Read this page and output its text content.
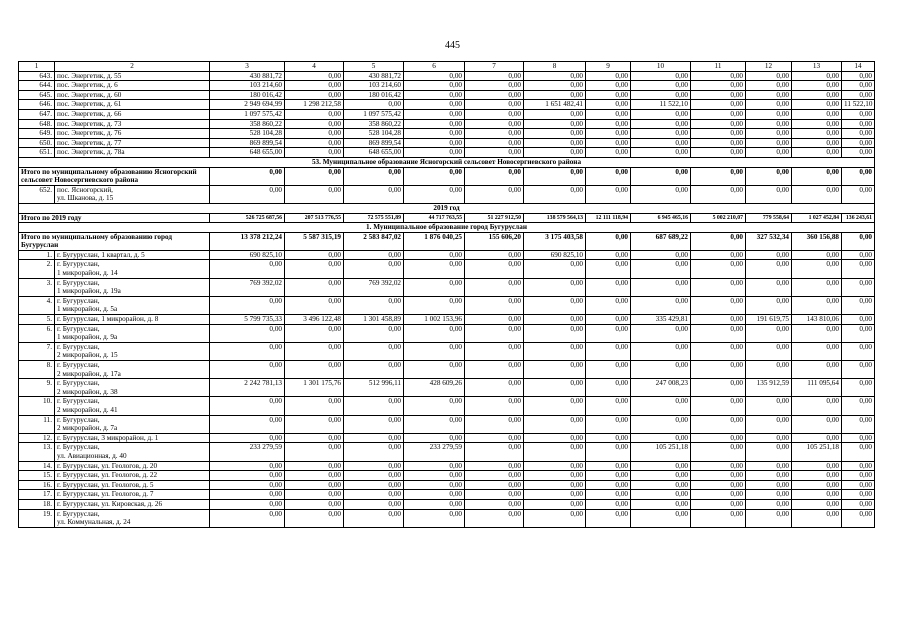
445
1	2	3	4	5	6	7	8	9	10	11	12	13	14
643.	пос. Энергетик, д. 55	430 881,72	0,00	430 881,72	0,00	0,00	0,00	0,00	0,00	0,00	0,00	0,00	0,00
644.	пос. Энергетик, д. 6	103 214,60	0,00	103 214,60	0,00	0,00	0,00	0,00	0,00	0,00	0,00	0,00	0,00
645.	пос. Энергетик, д. 60	180 016,42	0,00	180 016,42	0,00	0,00	0,00	0,00	0,00	0,00	0,00	0,00	0,00
646.	пос. Энергетик, д. 61	2 949 694,99	1 298 212,58	0,00	0,00	0,00	1 651 482,41	0,00	11 522,10	0,00	0,00	0,00	11 522,10
647.	пос. Энергетик, д. 66	1 097 575,42	0,00	1 097 575,42	0,00	0,00	0,00	0,00	0,00	0,00	0,00	0,00	0,00
648.	пос. Энергетик, д. 73	358 860,22	0,00	358 860,22	0,00	0,00	0,00	0,00	0,00	0,00	0,00	0,00	0,00
649.	пос. Энергетик, д. 76	528 104,28	0,00	528 104,28	0,00	0,00	0,00	0,00	0,00	0,00	0,00	0,00	0,00
650.	пос. Энергетик, д. 77	869 899,54	0,00	869 899,54	0,00	0,00	0,00	0,00	0,00	0,00	0,00	0,00	0,00
651.	пос. Энергетик, д. 78а	648 655,00	0,00	648 655,00	0,00	0,00	0,00	0,00	0,00	0,00	0,00	0,00	0,00
53. Муниципальное образование Ясногорский сельсовет Новосергиевского района													
Итого по муниципальному образованию Ясногорский сельсовет Новосергиевского района		0,00	0,00	0,00	0,00	0,00	0,00	0,00	0,00	0,00	0,00	0,00	0,00
652.	пос. Ясногорский,
ул. Шканова, д. 15	0,00	0,00	0,00	0,00	0,00	0,00	0,00	0,00	0,00	0,00	0,00	0,00
2019 год													
Итого по 2019 году		526 725 687,56	207 513 776,55	72 575 551,89	44 717 763,55	51 227 912,50	138 579 564,13	12 111 118,94	6 945 465,16	5 002 210,07	779 558,64	1 027 452,84	136 243,61
1. Муниципальное образование город Бугуруслан													
Итого по муниципальному образованию город Бугуруслан		13 378 212,24	5 587 315,19	2 583 847,02	1 876 040,25	155 606,20	3 175 403,58	0,00	687 689,22	0,00	327 532,34	360 156,88	0,00
1.	г. Бугуруслан, 1 квартал, д. 5	690 825,10	0,00	0,00	0,00	0,00	690 825,10	0,00	0,00	0,00	0,00	0,00	0,00
2.	г. Бугуруслан,
1 микрорайон, д. 14	0,00	0,00	0,00	0,00	0,00	0,00	0,00	0,00	0,00	0,00	0,00	0,00
3.	г. Бугуруслан,
1 микрорайон, д. 19а	769 392,02	0,00	769 392,02	0,00	0,00	0,00	0,00	0,00	0,00	0,00	0,00	0,00
4.	г. Бугуруслан,
1 микрорайон, д. 5а	0,00	0,00	0,00	0,00	0,00	0,00	0,00	0,00	0,00	0,00	0,00	0,00
5.	г. Бугуруслан, 1 микрорайон, д. 8	5 799 735,33	3 496 122,48	1 301 458,89	1 002 153,96	0,00	0,00	0,00	335 429,81	0,00	191 619,75	143 810,06	0,00
6.	г. Бугуруслан,
1 микрорайон, д. 9а	0,00	0,00	0,00	0,00	0,00	0,00	0,00	0,00	0,00	0,00	0,00	0,00
7.	г. Бугуруслан,
2 микрорайон, д. 15	0,00	0,00	0,00	0,00	0,00	0,00	0,00	0,00	0,00	0,00	0,00	0,00
8.	г. Бугуруслан,
2 микрорайон, д. 17а	0,00	0,00	0,00	0,00	0,00	0,00	0,00	0,00	0,00	0,00	0,00	0,00
9.	г. Бугуруслан,
2 микрорайон, д. 38	2 242 781,13	1 301 175,76	512 996,11	428 609,26	0,00	0,00	0,00	247 008,23	0,00	135 912,59	111 095,64	0,00
10.	г. Бугуруслан,
2 микрорайон, д. 41	0,00	0,00	0,00	0,00	0,00	0,00	0,00	0,00	0,00	0,00	0,00	0,00
11.	г. Бугуруслан,
2 микрорайон, д. 7а	0,00	0,00	0,00	0,00	0,00	0,00	0,00	0,00	0,00	0,00	0,00	0,00
12.	г. Бугуруслан, 3 микрорайон, д. 1	0,00	0,00	0,00	0,00	0,00	0,00	0,00	0,00	0,00	0,00	0,00	0,00
13.	г. Бугуруслан,
ул. Авиационная, д. 40	233 279,59	0,00	0,00	233 279,59	0,00	0,00	0,00	105 251,18	0,00	0,00	105 251,18	0,00
14.	г. Бугуруслан, ул. Геологов, д. 20	0,00	0,00	0,00	0,00	0,00	0,00	0,00	0,00	0,00	0,00	0,00	0,00
15.	г. Бугуруслан, ул. Геологов, д. 22	0,00	0,00	0,00	0,00	0,00	0,00	0,00	0,00	0,00	0,00	0,00	0,00
16.	г. Бугуруслан, ул. Геологов, д. 5	0,00	0,00	0,00	0,00	0,00	0,00	0,00	0,00	0,00	0,00	0,00	0,00
17.	г. Бугуруслан, ул. Геологов, д. 7	0,00	0,00	0,00	0,00	0,00	0,00	0,00	0,00	0,00	0,00	0,00	0,00
18.	г. Бугуруслан, ул. Кировская, д. 26	0,00	0,00	0,00	0,00	0,00	0,00	0,00	0,00	0,00	0,00	0,00	0,00
19.	г. Бугуруслан,
ул. Коммунальная, д. 24	0,00	0,00	0,00	0,00	0,00	0,00	0,00	0,00	0,00	0,00	0,00	0,00
